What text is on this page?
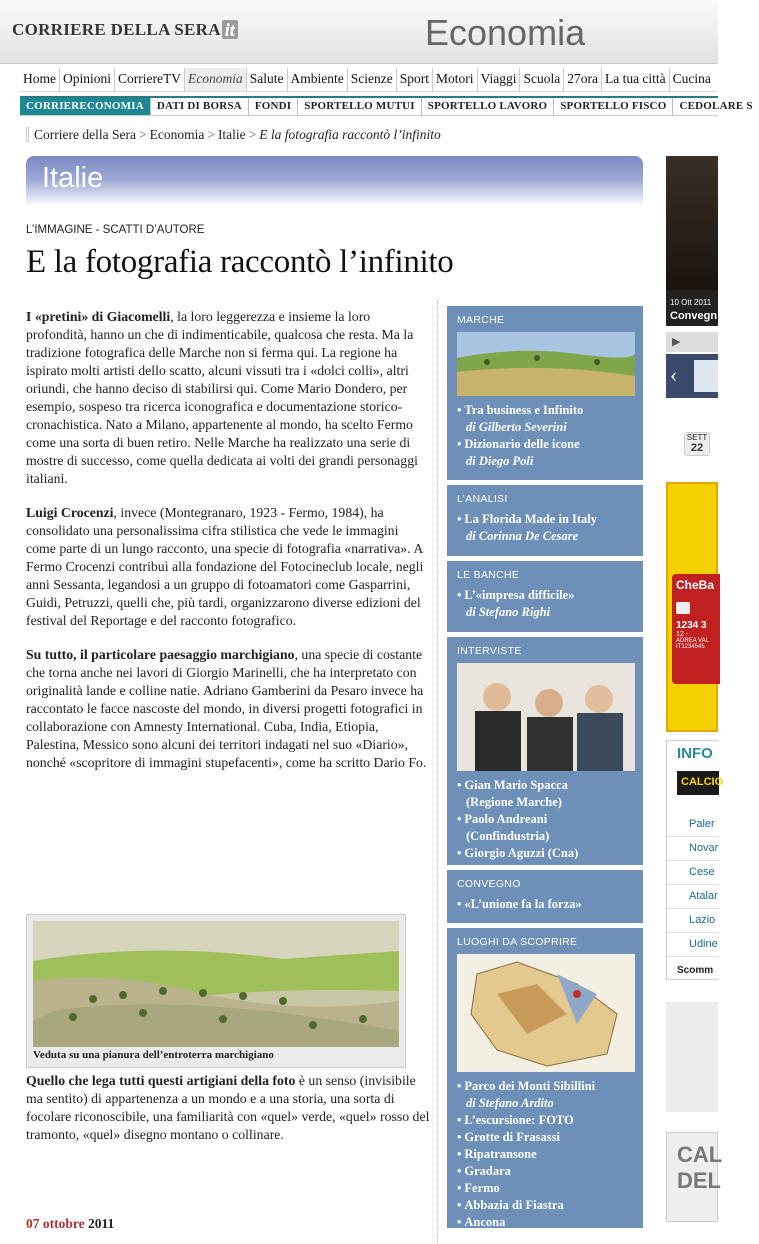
CORRIERE DELLA SERA it	Economia
Home Opinioni CorriereTV Economia Salute Ambiente Scienze Sport Motori Viaggi Scuola 27ora La tua città Cucina
CORRIERECONOMIA	DATI DI BORSA	FONDI	SPORTELLO MUTUI	SPORTELLO LAVORO	SPORTELLO FISCO	CEDOLARE S
Corriere della Sera > Economia > Italie > E la fotografia raccontò l’infinito
Italie
L’IMMAGINE - SCATTI D’AUTORE
E la fotografia raccontò l’infinito

I «pretini» di Giacomelli, la loro leggerezza e insieme la loro profondità, hanno un che di indimenticabile, qualcosa che resta. Ma la tradizione fotografica delle Marche non si ferma qui. La regione ha ispirato molti artisti dello scatto, alcuni vissuti tra i «dolci colli», altri oriundi, che hanno deciso di stabilirsi qui. Come Mario Dondero, per esempio, sospeso tra ricerca iconografica e documentazione storico-cronachistica. Nato a Milano, appartenente al mondo, ha scelto Fermo come una sorta di buen retiro. Nelle Marche ha realizzato una serie di mostre di successo, come quella dedicata ai volti dei grandi personaggi italiani.

Luigi Crocenzi, invece (Montegranaro, 1923 - Fermo, 1984), ha consolidato una personalissima cifra stilistica che vede le immagini come parte di un lungo racconto, una specie di fotografia «narrativa». A Fermo Crocenzi contribuì alla fondazione del Fotocineclub locale, negli anni Sessanta, legandosi a un gruppo di fotoamatori come Gasparrini, Guidi, Petruzzi, quelli che, più tardi, organizzarono diverse edizioni del festival del Reportage e del racconto fotografico.

Su tutto, il particolare paesaggio marchigiano, una specie di costante che torna anche nei lavori di Giorgio Marinelli, che ha interpretato con originalità lande e colline natie. Adriano Gamberini da Pesaro invece ha raccontato le facce nascoste del mondo, in diversi progetti fotografici in collaborazione con Amnesty International. Cuba, India, Etiopia, Palestina, Messico sono alcuni dei territori indagati nel suo «Diario», nonché «scopritore di immagini stupefacenti», come ha scritto Dario Fo.

Veduta su una pianura dell’entroterra marchigiano

Quello che lega tutti questi artigiani della foto è un senso (invisibile ma sentito) di appartenenza a un mondo e a una storia, una sorta di focolare riconoscibile, una familiarità con «quel» verde, «quel» rosso del tramonto, «quel» disegno montano o collinare.

07 ottobre 2011
MARCHE
• Tra business e Infinito
di Gilberto Severini
• Dizionario delle icone
di Diego Poli
L’ANALISI
• La Florida Made in Italy
di Corinna De Cesare
LE BANCHE
• L’«impresa difficile»
di Stefano Righi
INTERVISTE
• Gian Mario Spacca
(Regione Marche)
• Paolo Andreani
(Confindustria)
• Giorgio Aguzzi (Cna)
CONVEGNO
• «L’unione fa la forza»
LUOGHI DA SCOPRIRE
• Parco dei Monti Sibillini
di Stefano Ardito
• L’escursione: FOTO
• Grotte di Frasassi
• Ripatransone
• Gradara
• Fermo
• Abbazia di Fiastra
• Ancona
10 Ott 2011
Convegn
▶
‹
SETT
22
CheBa
1234 3
12 -
ADREA VAL
IT1234545
INFO
CALCIO
Paler
Novar
Cese
Atalar
Lazio
Udine
Scomm
CAL
DEL
